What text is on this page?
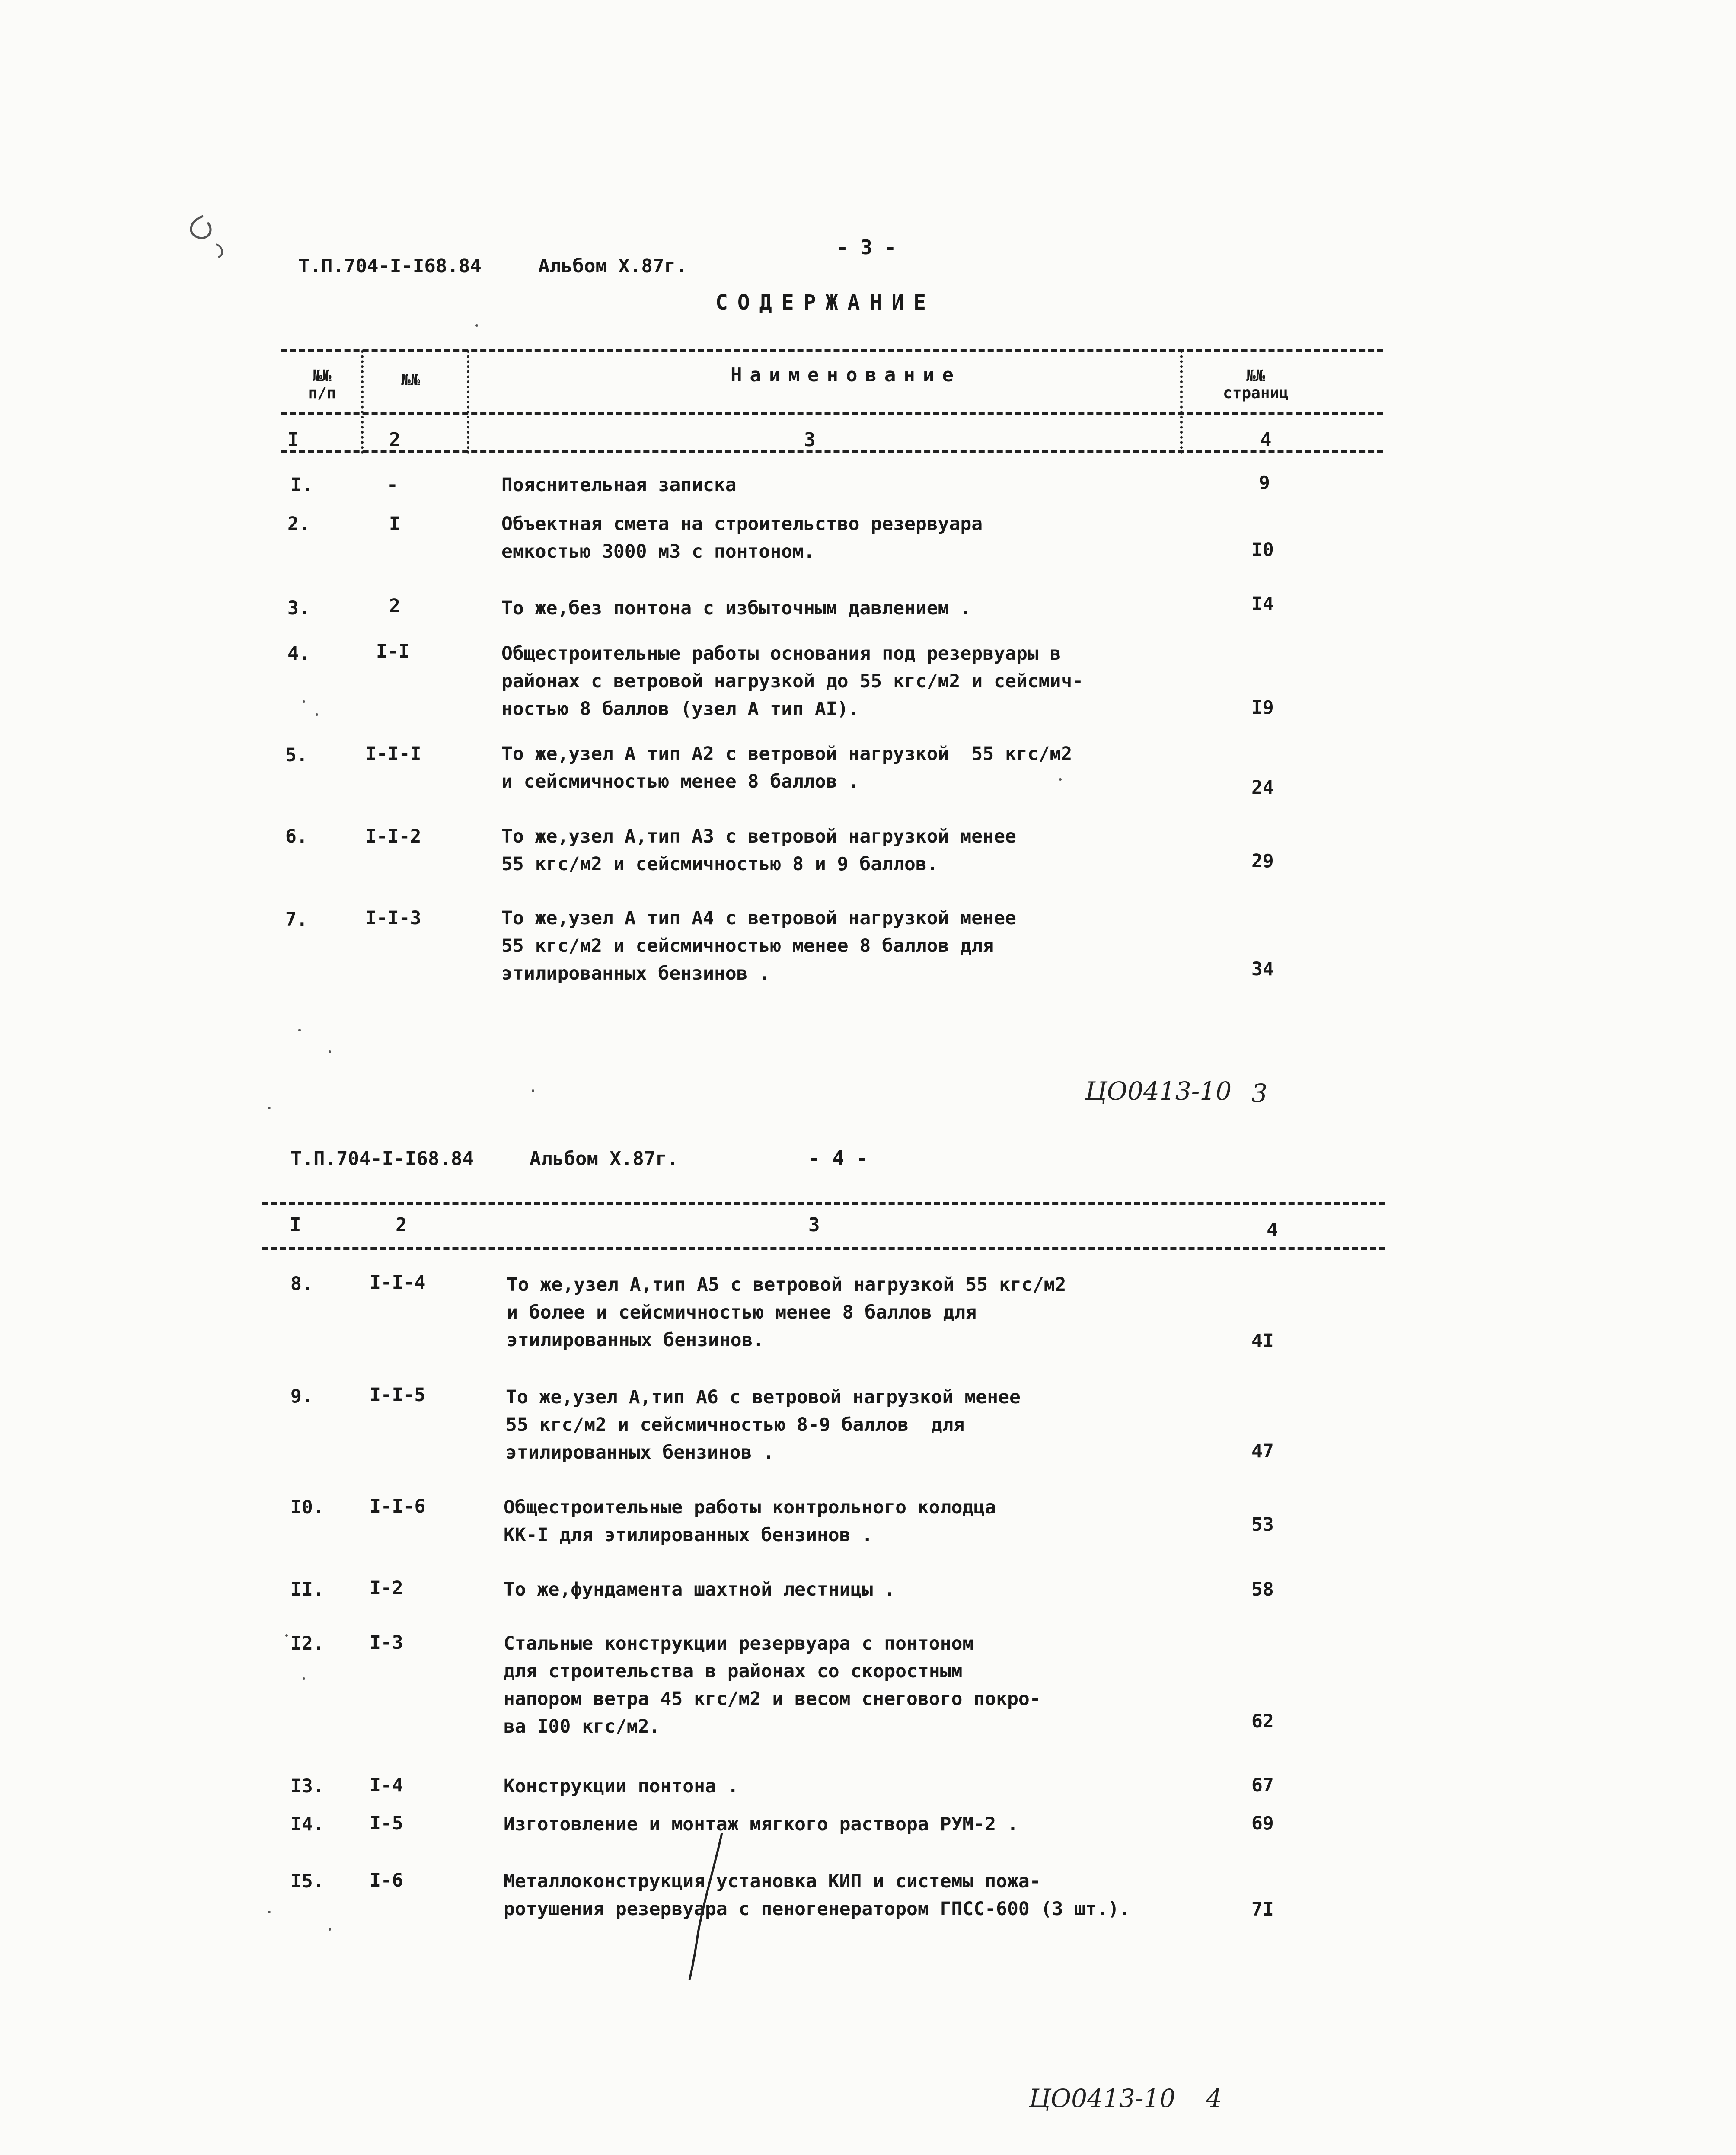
Т.П.704-I-I68.84	Альбом X.87г.
- 3 -
СОДЕРЖАНИЕ
№№
п/п
№№	Наименование	№№
страниц
I	2	3	4
I.	-	Пояснительная записка	9
2.	I	Объектная смета на строительство резервуара
емкостью 3000 м3 с понтоном.	I0
3.	2	То же,без понтона с избыточным давлением .	I4
4.	I-I	Общестроительные работы основания под резервуары в
районах с ветровой нагрузкой до 55 кгс/м2 и сейсмич-
ностью 8 баллов (узел А тип АI).	I9
5.	I-I-I	То же,узел А тип А2 с ветровой нагрузкой  55 кгс/м2
и сейсмичностью менее 8 баллов .	24
6.	I-I-2	То же,узел А,тип А3 с ветровой нагрузкой менее
55 кгс/м2 и сейсмичностью 8 и 9 баллов.	29
7.	I-I-3	То же,узел А тип А4 с ветровой нагрузкой менее
55 кгс/м2 и сейсмичностью менее 8 баллов для
этилированных бензинов .	34
ЦО0413-10 3
Т.П.704-I-I68.84	Альбом X.87г.	- 4 -
I	2	3	4
8.	I-I-4	То же,узел А,тип А5 с ветровой нагрузкой 55 кгс/м2
и более и сейсмичностью менее 8 баллов для
этилированных бензинов.	4I
9.	I-I-5	То же,узел А,тип А6 с ветровой нагрузкой менее
55 кгс/м2 и сейсмичностью 8-9 баллов  для
этилированных бензинов .	47
I0. I-I-6	Общестроительные работы контрольного колодца
КК-I для этилированных бензинов .	53
II. I-2	То же,фундамента шахтной лестницы .	58
I2. I-3	Стальные конструкции резервуара с понтоном
для строительства в районах со скоростным
напором ветра 45 кгс/м2 и весом снегового покро-
ва I00 кгс/м2.	62
I3. I-4	Конструкции понтона .	67
I4. I-5	Изготовление и монтаж мягкого раствора РУМ-2 .	69
I5. I-6	Металлоконструкция установка КИП и системы пожа-
ротушения резервуара с пеногенератором ГПСС-600 (3 шт.).	7I
ЦО0413-10 4
